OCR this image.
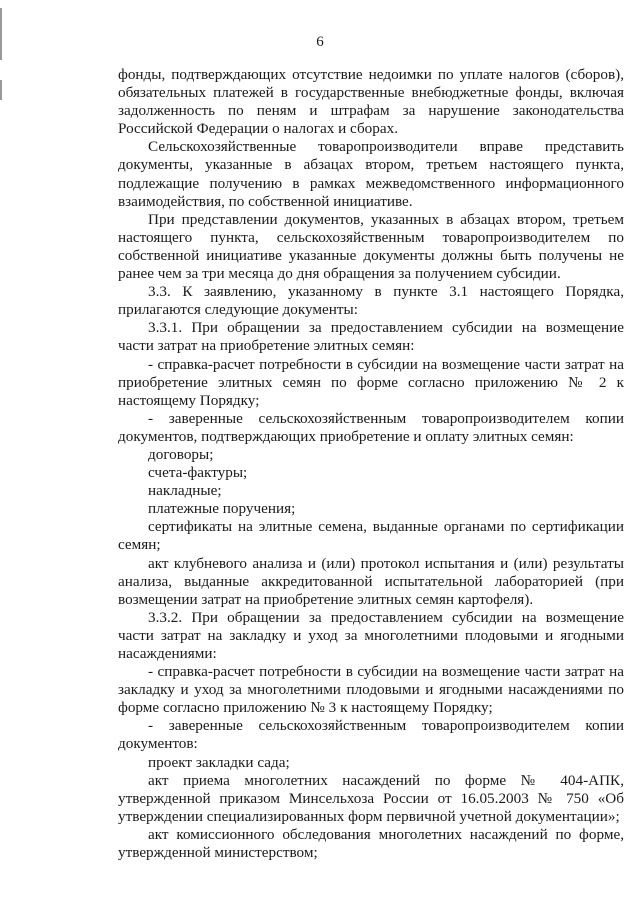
6

фонды, подтверждающих отсутствие недоимки по уплате налогов (сборов), обязательных платежей в государственные внебюджетные фонды, включая задолженность по пеням и штрафам за нарушение законодательства Российской Федерации о налогах и сборах.

Сельскохозяйственные товаропроизводители вправе представить документы, указанные в абзацах втором, третьем настоящего пункта, подлежащие получению в рамках межведомственного информационного взаимодействия, по собственной инициативе.

При представлении документов, указанных в абзацах втором, третьем настоящего пункта, сельскохозяйственным товаропроизводителем по собственной инициативе указанные документы должны быть получены не ранее чем за три месяца до дня обращения за получением субсидии.

3.3. К заявлению, указанному в пункте 3.1 настоящего Порядка, прилагаются следующие документы:

3.3.1. При обращении за предоставлением субсидии на возмещение части затрат на приобретение элитных семян:

- справка-расчет потребности в субсидии на возмещение части затрат на приобретение элитных семян по форме согласно приложению № 2 к настоящему Порядку;

- заверенные сельскохозяйственным товаропроизводителем копии документов, подтверждающих приобретение и оплату элитных семян:

договоры;

счета-фактуры;

накладные;

платежные поручения;

сертификаты на элитные семена, выданные органами по сертификации семян;

акт клубневого анализа и (или) протокол испытания и (или) результаты анализа, выданные аккредитованной испытательной лабораторией (при возмещении затрат на приобретение элитных семян картофеля).

3.3.2. При обращении за предоставлением субсидии на возмещение части затрат на закладку и уход за многолетними плодовыми и ягодными насаждениями:

- справка-расчет потребности в субсидии на возмещение части затрат на закладку и уход за многолетними плодовыми и ягодными насаждениями по форме согласно приложению № 3 к настоящему Порядку;

- заверенные сельскохозяйственным товаропроизводителем копии документов:

проект закладки сада;

акт приема многолетних насаждений по форме № 404-АПК, утвержденной приказом Минсельхоза России от 16.05.2003 № 750 «Об утверждении специализированных форм первичной учетной документации»;

акт комиссионного обследования многолетних насаждений по форме, утвержденной министерством;
